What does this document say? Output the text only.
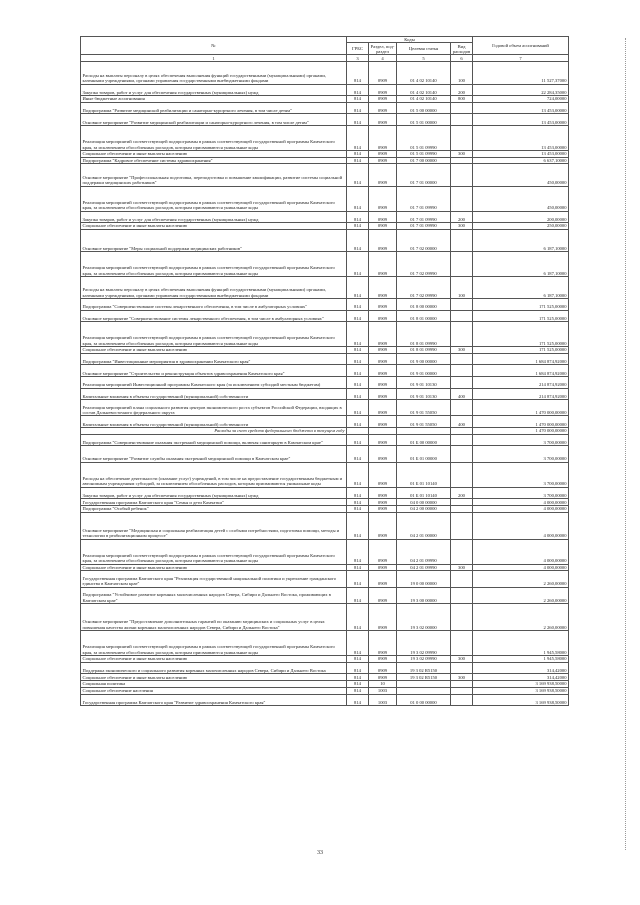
№	Коды				Годовой объем ассигнований
	ГРБС	Раздел, под-раздел	Целевая статья	Вид расходов	
1	3	4	5	6	7
Расходы на выплаты персоналу в целях обеспечения выполнения функций государственными (муниципальными) органами, казенными учреждениями, органами управления государственными внебюджетными фондами	814	0909	01 4 02 10140	100	11 527,37000
Закупка товаров, работ и услуг для обеспечения государственных (муниципальных) нужд	814	0909	01 4 02 10140	200	22 284,35000
Иные бюджетные ассигнования	814	0909	01 4 02 10140	800	724,00000
Подпрограмма "Развитие медицинской реабилитации и санаторно-курортного лечения, в том числе детям"	814	0909	01 5 00 00000		13 453,00000
Основное мероприятие "Развитие медицинской реабилитации и санаторно-курортного лечения, в том числе детям"	814	0909	01 5 01 00000		13 453,00000
Реализация мероприятий соответствующей подпрограммы в рамках соответствующей государственной программы Камчатского края, за исключением обособленных расходов, которым присваиваются уникальные коды	814	0909	01 5 01 09990		13 453,00000
Социальное обеспечение и иные выплаты населению	814	0909	01 5 01 09990	300	13 453,00000
Подпрограмма "Кадровое обеспечение системы здравоохранения"	814	0909	01 7 00 00000		6 637,10000
Основное мероприятие "Профессиональная подготовка, переподготовка и повышение квалификации, развитие системы социальной поддержки медицинских работников"	814	0909	01 7 01 00000		450,00000
Реализация мероприятий соответствующей подпрограммы в рамках соответствующей государственной программы Камчатского края, за исключением обособленных расходов, которым присваиваются уникальные коды	814	0909	01 7 01 09990		450,00000
Закупка товаров, работ и услуг для обеспечения государственных (муниципальных) нужд	814	0909	01 7 01 09990	200	200,00000
Социальное обеспечение и иные выплаты населению	814	0909	01 7 01 09990	300	250,00000
Основное мероприятие "Меры социальной поддержки медицинских работников"	814	0909	01 7 02 00000		6 187,10000
Реализация мероприятий соответствующей подпрограммы в рамках соответствующей государственной программы Камчатского края, за исключением обособленных расходов, которым присваиваются уникальные коды	814	0909	01 7 02 09990		6 187,10000
Расходы на выплаты персоналу в целях обеспечения выполнения функций государственными (муниципальными) органами, казенными учреждениями, органами управления государственными внебюджетными фондами	814	0909	01 7 02 09990	100	6 187,10000
Подпрограмма "Совершенствование системы лекарственного обеспечения, в том числе в амбулаторных условиях"	814	0909	01 8 00 00000		171 525,00000
Основное мероприятие "Совершенствование системы лекарственного обеспечения, в том числе в амбулаторных условиях"	814	0909	01 8 01 00000		171 525,00000
Реализация мероприятий соответствующей подпрограммы в рамках соответствующей государственной программы Камчатского края, за исключением обособленных расходов, которым присваиваются уникальные коды	814	0909	01 8 01 09990		171 525,00000
Социальное обеспечение и иные выплаты населению	814	0909	01 8 01 09990	300	171 525,00000
Подпрограмма "Инвестиционные мероприятия в здравоохранении Камчатского края"	814	0909	01 9 00 00000		1 684 874,92000
Основное мероприятие "Строительство и реконструкция объектов здравоохранения Камчатского края"	814	0909	01 9 01 00000		1 684 874,92000
Реализация мероприятий Инвестиционной программы Камчатского края (за исключением субсидий местным бюджетам)	814	0909	01 9 01 10130		214 874,92000
Капитальные вложения в объекты государственной (муниципальной) собственности	814	0909	01 9 01 10130	400	214 874,92000
Реализация мероприятий плана социального развития центров экономического роста субъектов Российской Федерации, входящих в состав Дальневосточного федерального округа	814	0909	01 9 01 55050		1 470 000,00000
Капитальные вложения в объекты государственной (муниципальной) собственности	814	0909	01 9 01 55050	400	1 470 000,00000
Расходы за счет средств федерального бюджета в текущем году					1 470 000,00000
Подпрограмма "Совершенствование оказания экстренной медицинской помощи, включая санитарную в Камчатском крае"	814	0909	01 Б 00 00000		3 700,00000
Основное мероприятие "Развитие службы оказания экстренной медицинской помощи в Камчатском крае"	814	0909	01 Б 01 00000		3 700,00000
Расходы на обеспечение деятельности (оказание услуг) учреждений, в том числе на предоставление государственным бюджетным и автономным учреждениям субсидий, за исключением обособленных расходов, которым присваиваются уникальные коды	814	0909	01 Б 01 10140		3 700,00000
Закупка товаров, работ и услуг для обеспечения государственных (муниципальных) нужд	814	0909	01 Б 01 10140	200	3 700,00000
Государственная программа Камчатского края "Семья и дети Камчатки"	814	0909	04 0 00 00000		4 000,00000
Подпрограмма "Особый ребенок"	814	0909	04 2 00 00000		4 000,00000
Основное мероприятие "Медицинская и социальная реабилитация детей с особыми потребностями, подготовка помощи, методы и технологии в реабилитационном процессе"	814	0909	04 2 01 00000		4 000,00000
Реализация мероприятий соответствующей подпрограммы в рамках соответствующей государственной программы Камчатского края, за исключением обособленных расходов, которым присваиваются уникальные коды	814	0909	04 2 01 09990		4 000,00000
Социальное обеспечение и иные выплаты населению	814	0909	04 2 01 09990	300	4 000,00000
Государственная программа Камчатского края "Реализация государственной национальной политики и укрепление гражданского единства в Камчатском крае"	814	0909	19 0 00 00000		2 260,00000
Подпрограмма "Устойчивое развитие коренных малочисленных народов Севера, Сибири и Дальнего Востока, проживающих в Камчатском крае"	814	0909	19 3 00 00000		2 260,00000
Основное мероприятие "Предоставление дополнительных гарантий по оказанию медицинских и социальных услуг в целях повышения качества жизни коренных малочисленных народов Севера, Сибири и Дальнего Востока"	814	0909	19 3 02 00000		2 260,00000
Реализация мероприятий соответствующей подпрограммы в рамках соответствующей государственной программы Камчатского края, за исключением обособленных расходов, которым присваиваются уникальные коды	814	0909	19 3 02 09990		1 945,58000
Социальное обеспечение и иные выплаты населению	814	0909	19 3 02 09990	300	1 945,58000
Поддержка экономического и социального развития коренных малочисленных народов Севера, Сибири и Дальнего Востока	814	0909	19 3 02 R5150		314,42000
Социальное обеспечение и иные выплаты населению	814	0909	19 3 02 R5150	300	314,42000
Социальная политика	814	10			3 169 938,50000
Социальное обеспечение населения	814	1003			3 169 938,50000
Государственная программа Камчатского края "Развитие здравоохранения Камчатского края"	814	1003	01 0 00 00000		3 169 938,50000
33
